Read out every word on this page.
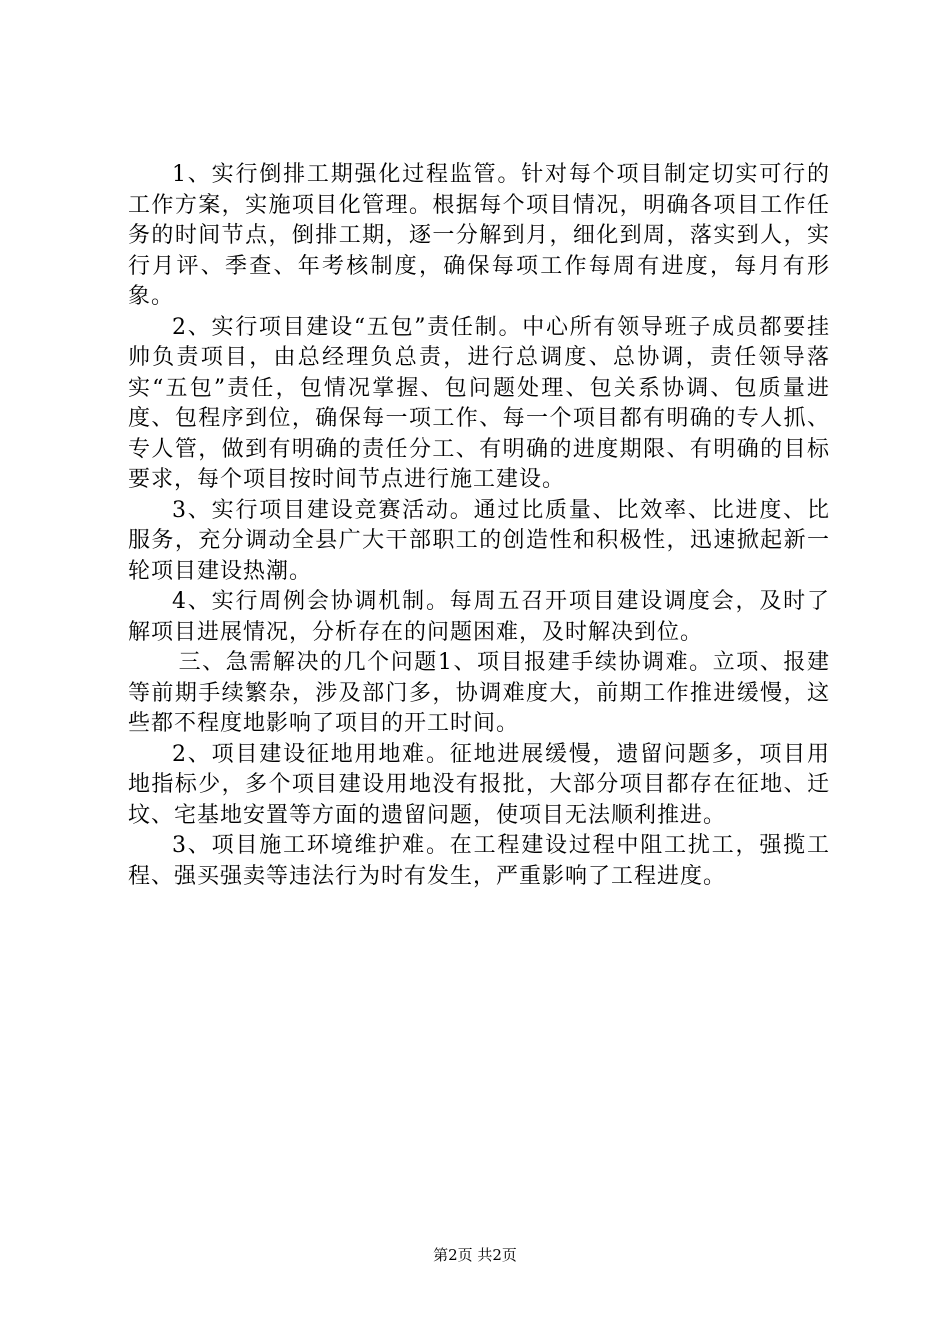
1、实行倒排工期强化过程监管。针对每个项目制定切实可行的工作方案，实施项目化管理。根据每个项目情况，明确各项目工作任务的时间节点，倒排工期，逐一分解到月，细化到周，落实到人，实行月评、季查、年考核制度，确保每项工作每周有进度，每月有形象。

2、实行项目建设“五包”责任制。中心所有领导班子成员都要挂帅负责项目，由总经理负总责，进行总调度、总协调，责任领导落实“五包”责任，包情况掌握、包问题处理、包关系协调、包质量进度、包程序到位，确保每一项工作、每一个项目都有明确的专人抓、专人管，做到有明确的责任分工、有明确的进度期限、有明确的目标要求，每个项目按时间节点进行施工建设。

3、实行项目建设竞赛活动。通过比质量、比效率、比进度、比服务，充分调动全县广大干部职工的创造性和积极性，迅速掀起新一轮项目建设热潮。

4、实行周例会协调机制。每周五召开项目建设调度会，及时了解项目进展情况，分析存在的问题困难，及时解决到位。

三、急需解决的几个问题1、项目报建手续协调难。立项、报建等前期手续繁杂，涉及部门多，协调难度大，前期工作推进缓慢，这些都不程度地影响了项目的开工时间。

2、项目建设征地用地难。征地进展缓慢，遗留问题多，项目用地指标少，多个项目建设用地没有报批，大部分项目都存在征地、迁坟、宅基地安置等方面的遗留问题，使项目无法顺利推进。

3、项目施工环境维护难。在工程建设过程中阻工扰工，强揽工程、强买强卖等违法行为时有发生，严重影响了工程进度。

第2页 共2页
